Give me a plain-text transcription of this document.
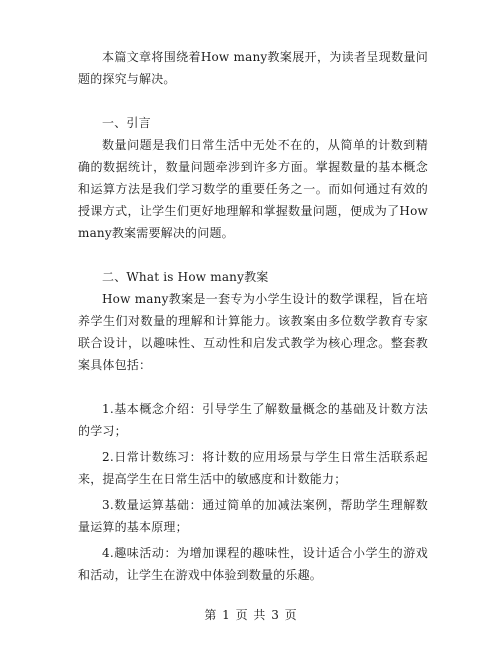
本篇文章将围绕着How many教案展开，为读者呈现数量问题的探究与解决。

一、引言

数量问题是我们日常生活中无处不在的，从简单的计数到精确的数据统计，数量问题牵涉到许多方面。掌握数量的基本概念和运算方法是我们学习数学的重要任务之一。而如何通过有效的授课方式，让学生们更好地理解和掌握数量问题，便成为了How many教案需要解决的问题。

二、What is How many教案

How many教案是一套专为小学生设计的数学课程，旨在培养学生们对数量的理解和计算能力。该教案由多位数学教育专家联合设计，以趣味性、互动性和启发式教学为核心理念。整套教案具体包括：

1.基本概念介绍：引导学生了解数量概念的基础及计数方法的学习；

2.日常计数练习：将计数的应用场景与学生日常生活联系起来，提高学生在日常生活中的敏感度和计数能力；

3.数量运算基础：通过简单的加减法案例，帮助学生理解数量运算的基本原理；

4.趣味活动：为增加课程的趣味性，设计适合小学生的游戏和活动，让学生在游戏中体验到数量的乐趣。

第 1 页 共 3 页
